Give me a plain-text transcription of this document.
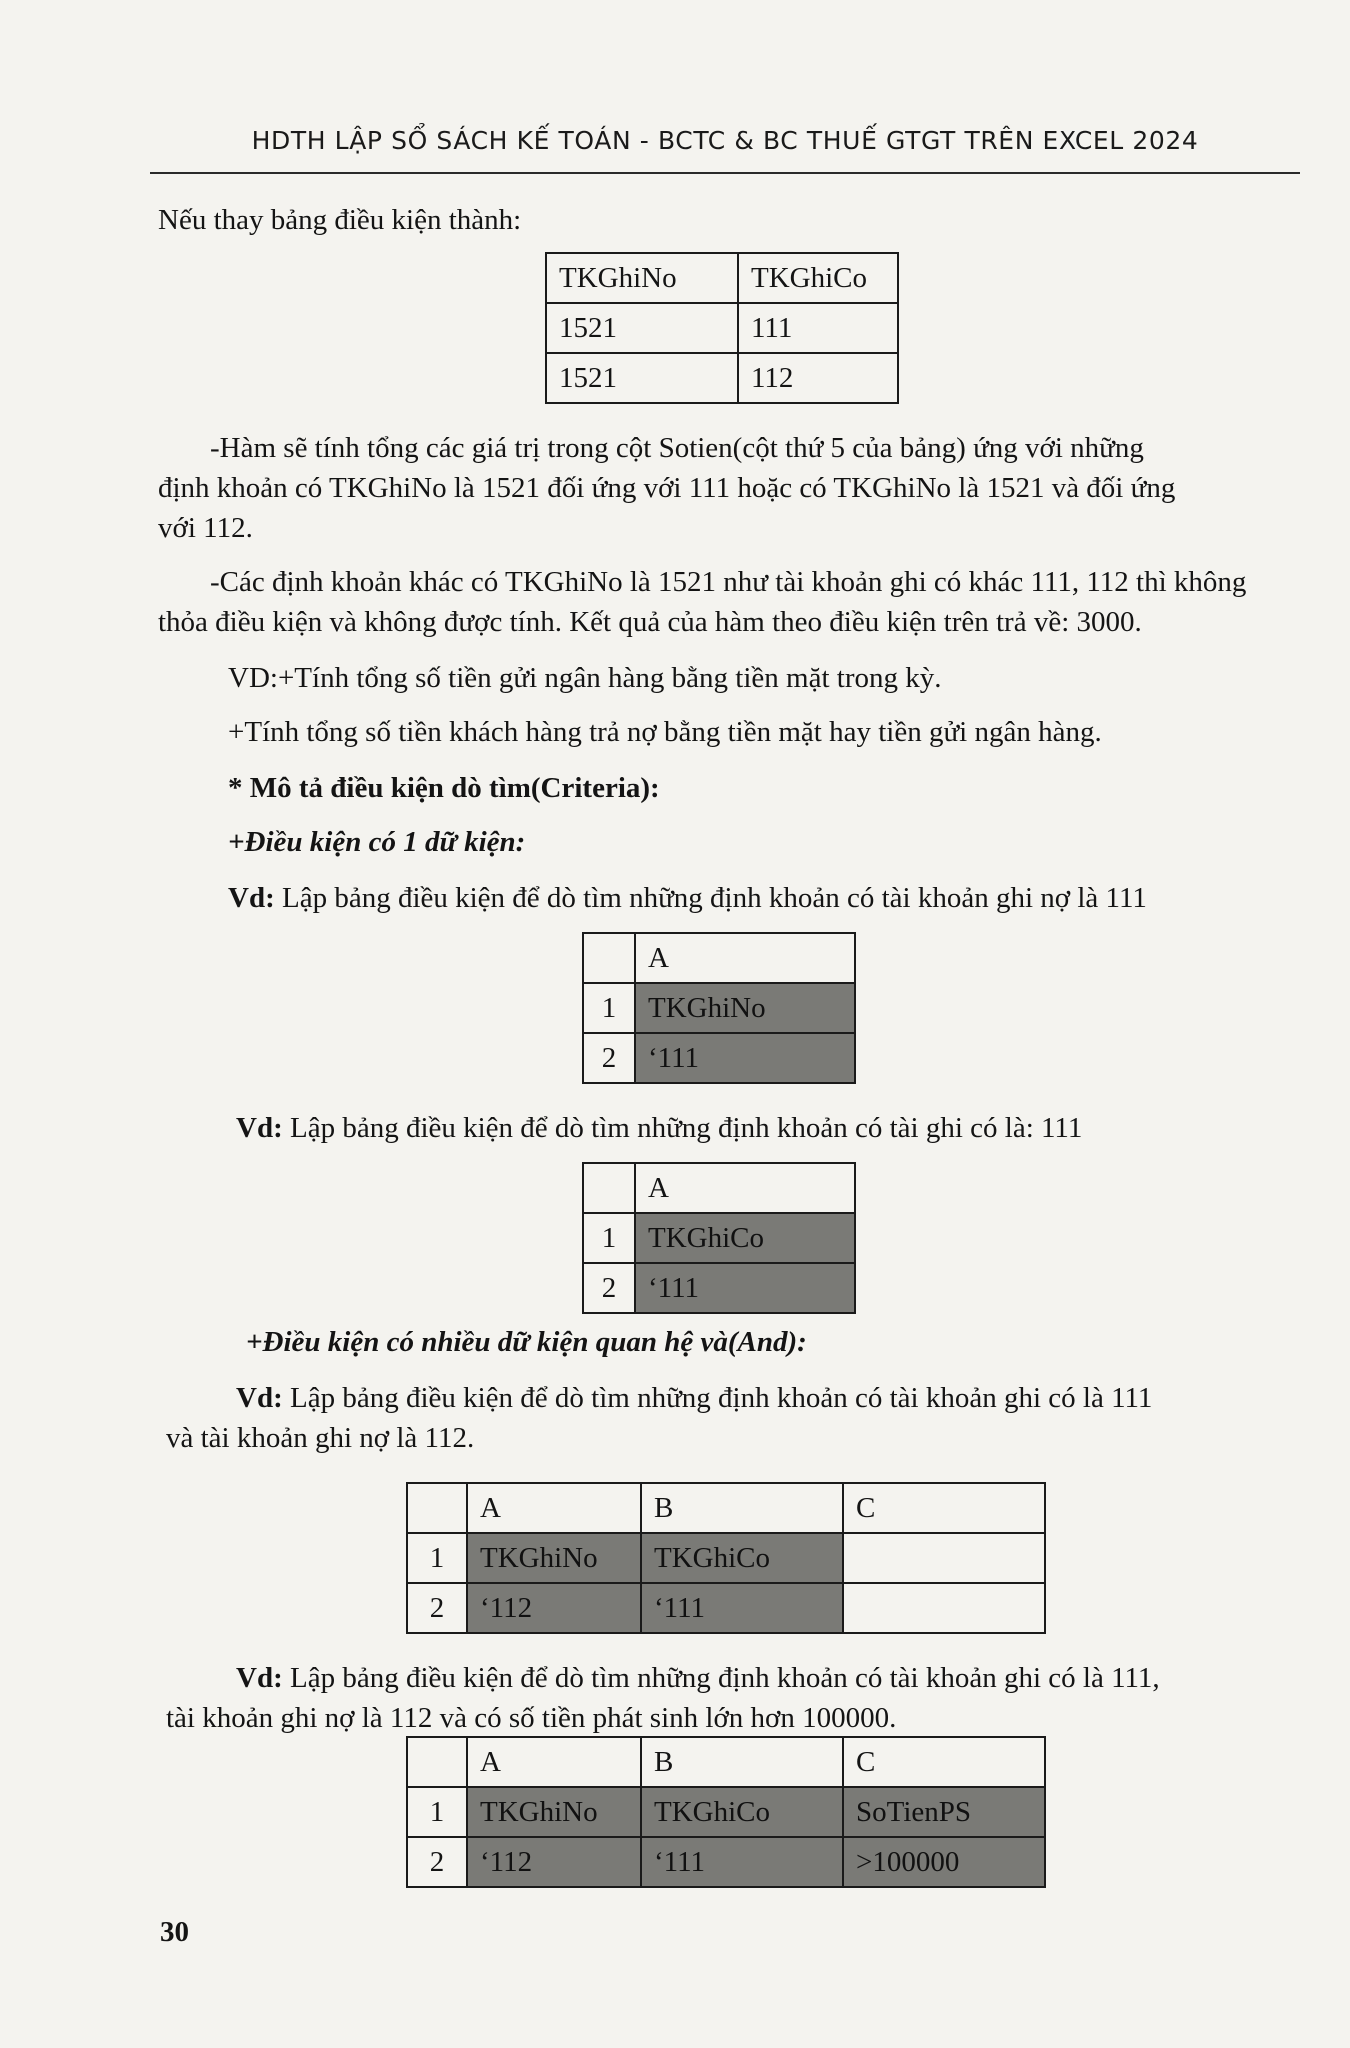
HDTH LẬP SỔ SÁCH KẾ TOÁN - BCTC & BC THUẾ GTGT TRÊN EXCEL 2024
Nếu thay bảng điều kiện thành:
TKGhiNo	TKGhiCo
1521	111
1521	112
-Hàm sẽ tính tổng các giá trị trong cột Sotien(cột thứ 5 của bảng) ứng với những
định khoản có TKGhiNo là 1521 đối ứng với 111 hoặc có TKGhiNo là 1521 và đối ứng
với 112.
-Các định khoản khác có TKGhiNo là 1521 như tài khoản ghi có khác 111, 112 thì không
thỏa điều kiện và không được tính. Kết quả của hàm theo điều kiện trên trả về: 3000.
VD:+Tính tổng số tiền gửi ngân hàng bằng tiền mặt trong kỳ.
+Tính tổng số tiền khách hàng trả nợ bằng tiền mặt hay tiền gửi ngân hàng.
* Mô tả điều kiện dò tìm(Criteria):
+Điều kiện có 1 dữ kiện:
Vd: Lập bảng điều kiện để dò tìm những định khoản có tài khoản ghi nợ là 111
	A
1	TKGhiNo
2	‘111
Vd: Lập bảng điều kiện để dò tìm những định khoản có tài ghi có là: 111
	A
1	TKGhiCo
2	‘111
+Điều kiện có nhiều dữ kiện quan hệ và(And):
Vd: Lập bảng điều kiện để dò tìm những định khoản có tài khoản ghi có là 111
và tài khoản ghi nợ là 112.
	A	B	C
1	TKGhiNo	TKGhiCo	
2	‘112	‘111	
Vd: Lập bảng điều kiện để dò tìm những định khoản có tài khoản ghi có là 111,
tài khoản ghi nợ là 112 và có số tiền phát sinh lớn hơn 100000.
	A	B	C
1	TKGhiNo	TKGhiCo	SoTienPS
2	‘112	‘111	>100000
30
